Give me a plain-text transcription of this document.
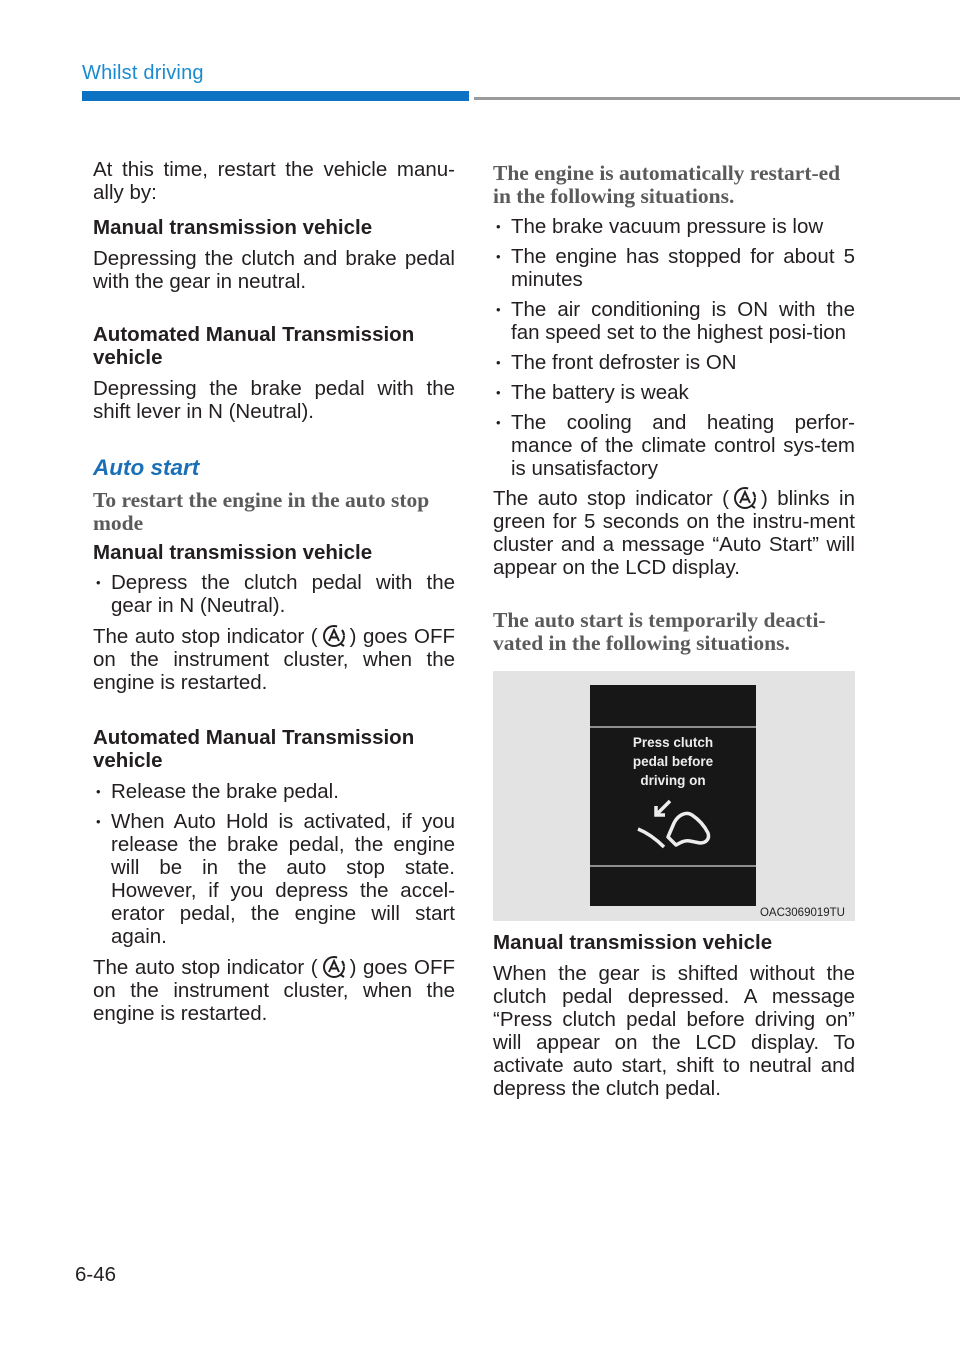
Whilst driving

At this time, restart the vehicle manu-ally by:

Manual transmission vehicle

Depressing the clutch and brake pedal with the gear in neutral.

Automated Manual Transmission vehicle

Depressing the brake pedal with the shift lever in N (Neutral).

Auto start
To restart the engine in the auto stop mode
Manual transmission vehicle
• Depress the clutch pedal with the gear in N (Neutral).

The auto stop indicator ( ) goes OFF on the instrument cluster, when the engine is restarted.

Automated Manual Transmission vehicle
• Release the brake pedal.
• When Auto Hold is activated, if you release the brake pedal, the engine will be in the auto stop state. However, if you depress the accel-erator pedal, the engine will start again.

The auto stop indicator ( ) goes OFF on the instrument cluster, when the engine is restarted.

The engine is automatically restart-ed in the following situations.
• The brake vacuum pressure is low
• The engine has stopped for about 5 minutes
• The air conditioning is ON with the fan speed set to the highest posi-tion
• The front defroster is ON
• The battery is weak
• The cooling and heating perfor-mance of the climate control sys-tem is unsatisfactory

The auto stop indicator ( ) blinks in green for 5 seconds on the instru-ment cluster and a message “Auto Start” will appear on the LCD display.

The auto start is temporarily deacti-vated in the following situations.
Press clutch
pedal before
driving on
OAC3069019TU
Manual transmission vehicle

When the gear is shifted without the clutch pedal depressed. A message “Press clutch pedal before driving on” will appear on the LCD display. To activate auto start, shift to neutral and depress the clutch pedal.

6-46
